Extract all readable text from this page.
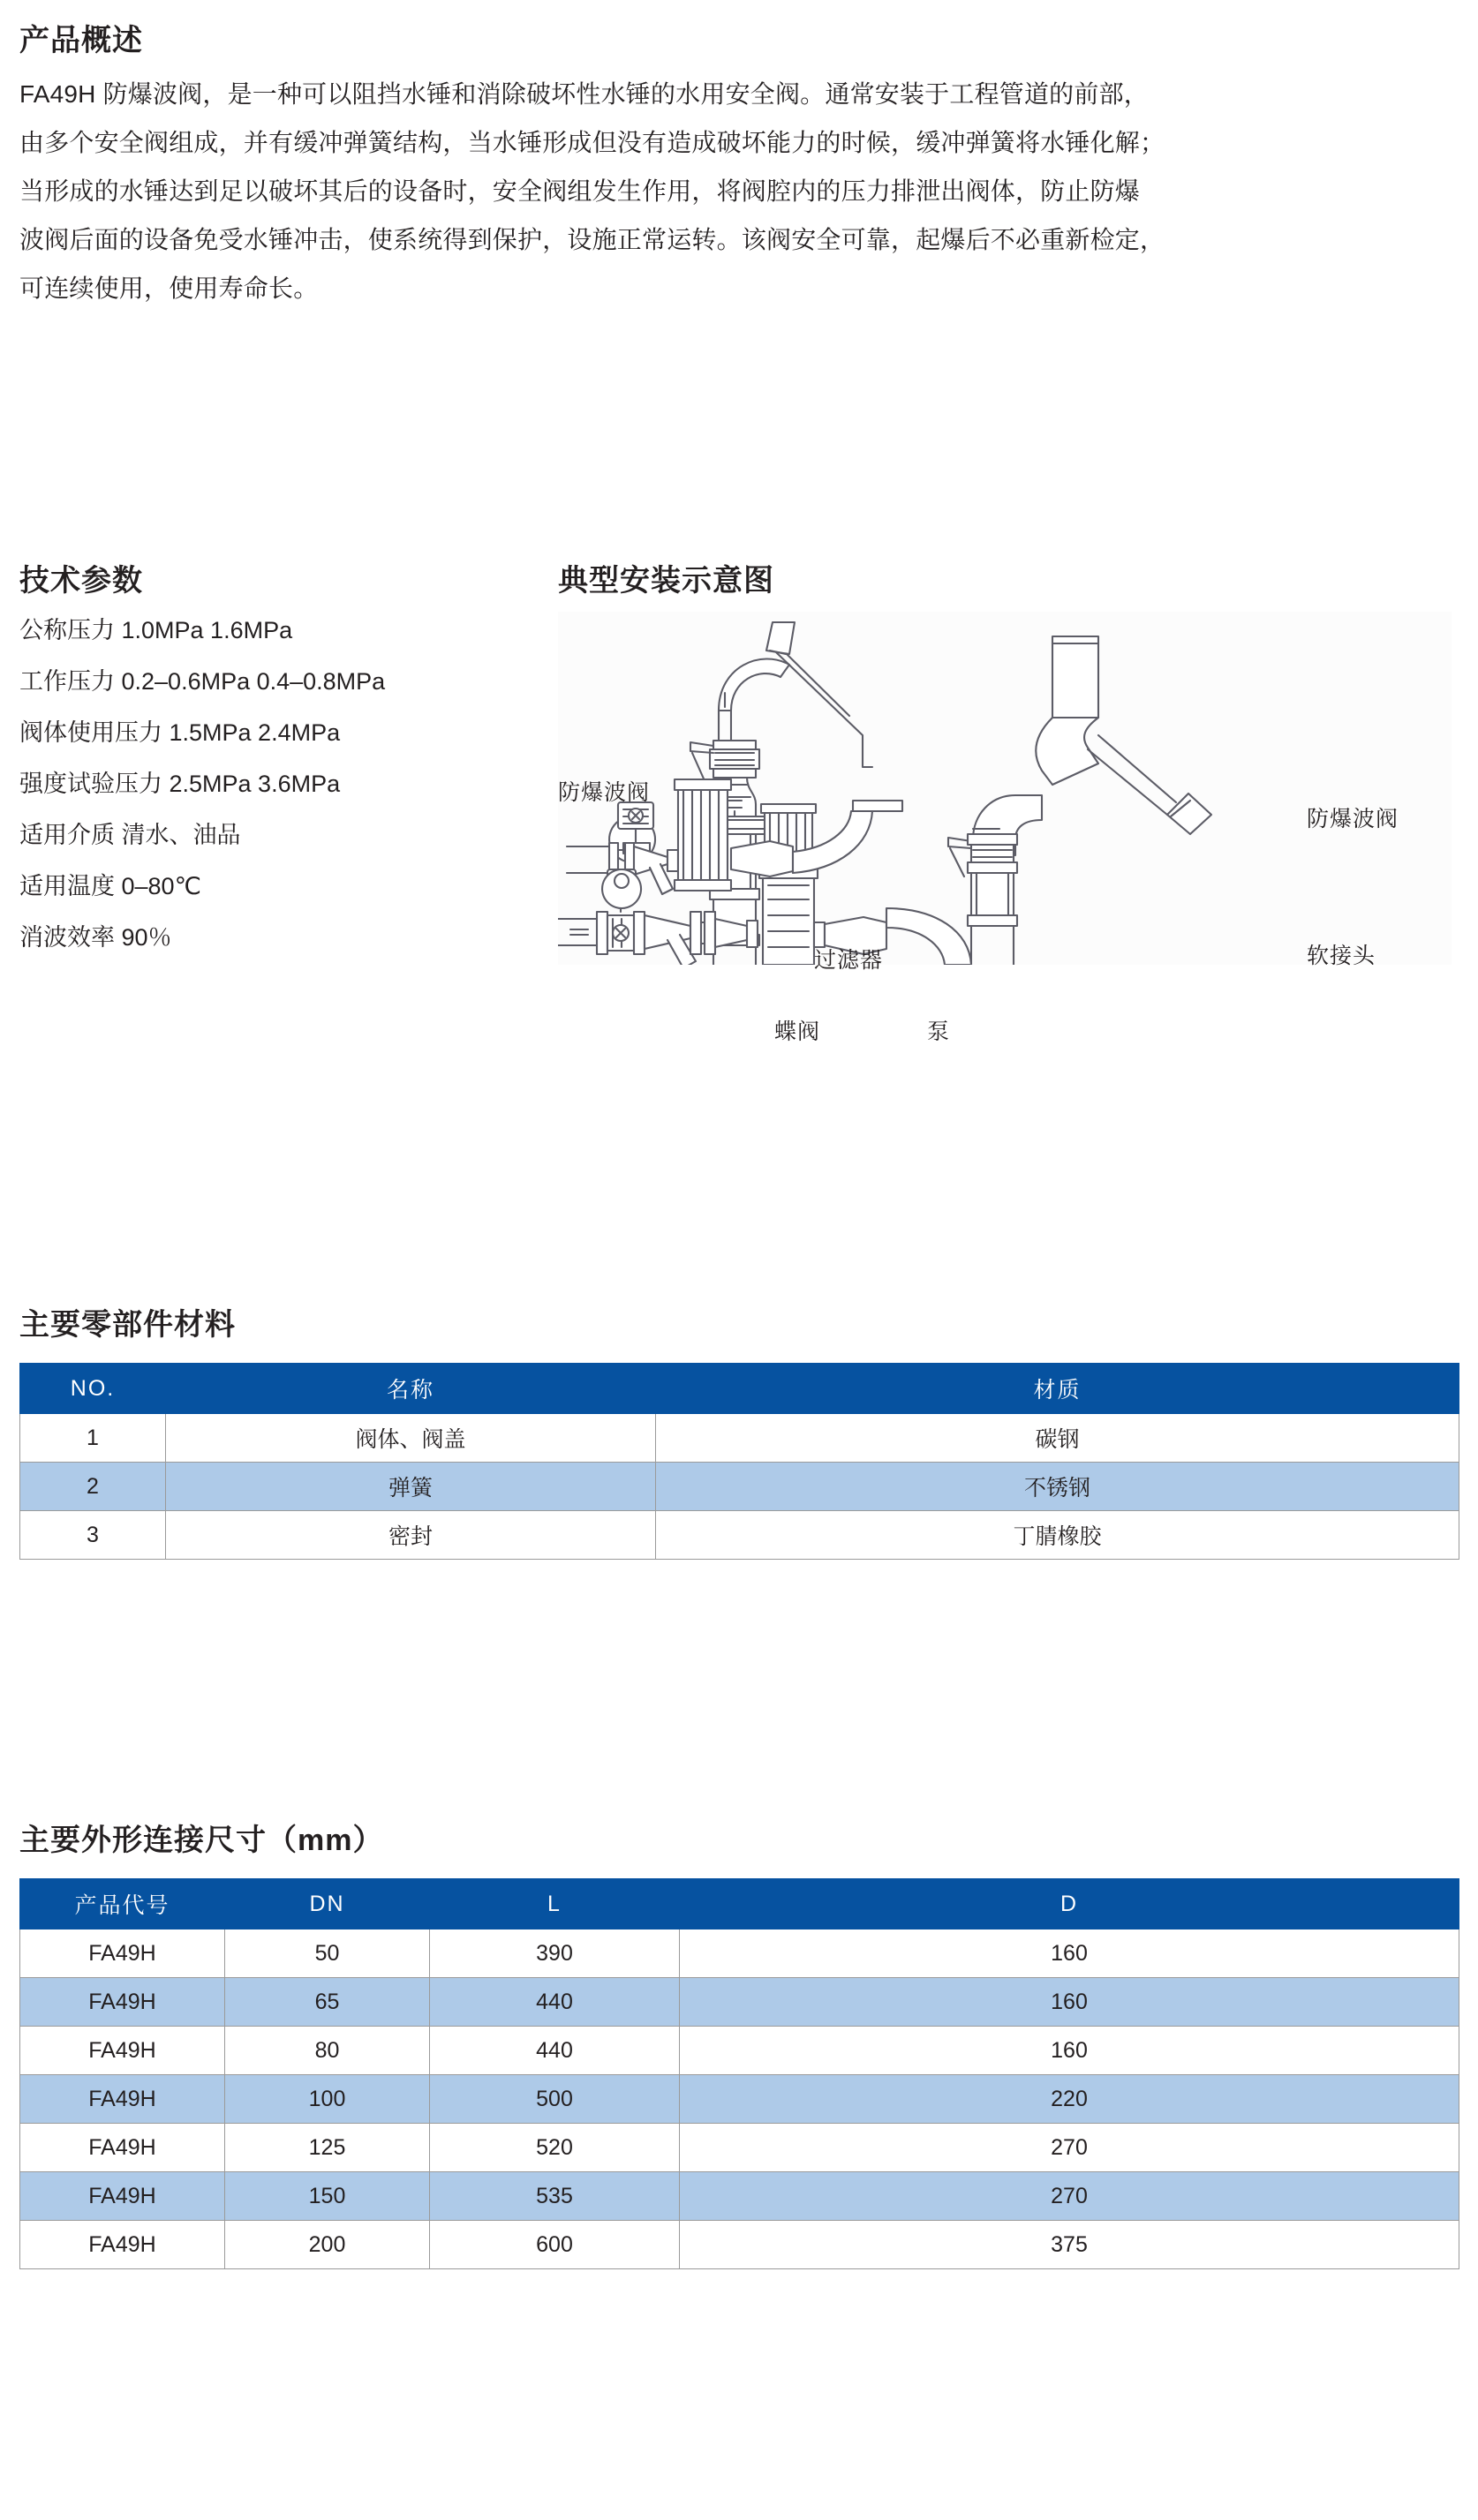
产品概述

FA49H 防爆波阀，是一种可以阻挡水锤和消除破坏性水锤的水用安全阀。通常安装于工程管道的前部，

由多个安全阀组成，并有缓冲弹簧结构，当水锤形成但没有造成破坏能力的时候，缓冲弹簧将水锤化解；

当形成的水锤达到足以破坏其后的设备时，安全阀组发生作用，将阀腔内的压力排泄出阀体，防止防爆

波阀后面的设备免受水锤冲击，使系统得到保护，设施正常运转。该阀安全可靠，起爆后不必重新检定，

可连续使用，使用寿命长。

技术参数

公称压力 1.0MPa 1.6MPa

工作压力 0.2–0.6MPa 0.4–0.8MPa

阀体使用压力 1.5MPa 2.4MPa

强度试验压力 2.5MPa 3.6MPa

适用介质 清水、油品

适用温度 0–80℃

消波效率 90％

典型安装示意图
防爆波阀
防爆波阀
软接头
过滤器
蝶阀	泵
主要零部件材料
NO.	名称	材质
1	阀体、阀盖	碳钢
2	弹簧	不锈钢
3	密封	丁腈橡胶
主要外形连接尺寸（mm）
产品代号	DN	L	D
FA49H	50	390	160
FA49H	65	440	160
FA49H	80	440	160
FA49H	100	500	220
FA49H	125	520	270
FA49H	150	535	270
FA49H	200	600	375
